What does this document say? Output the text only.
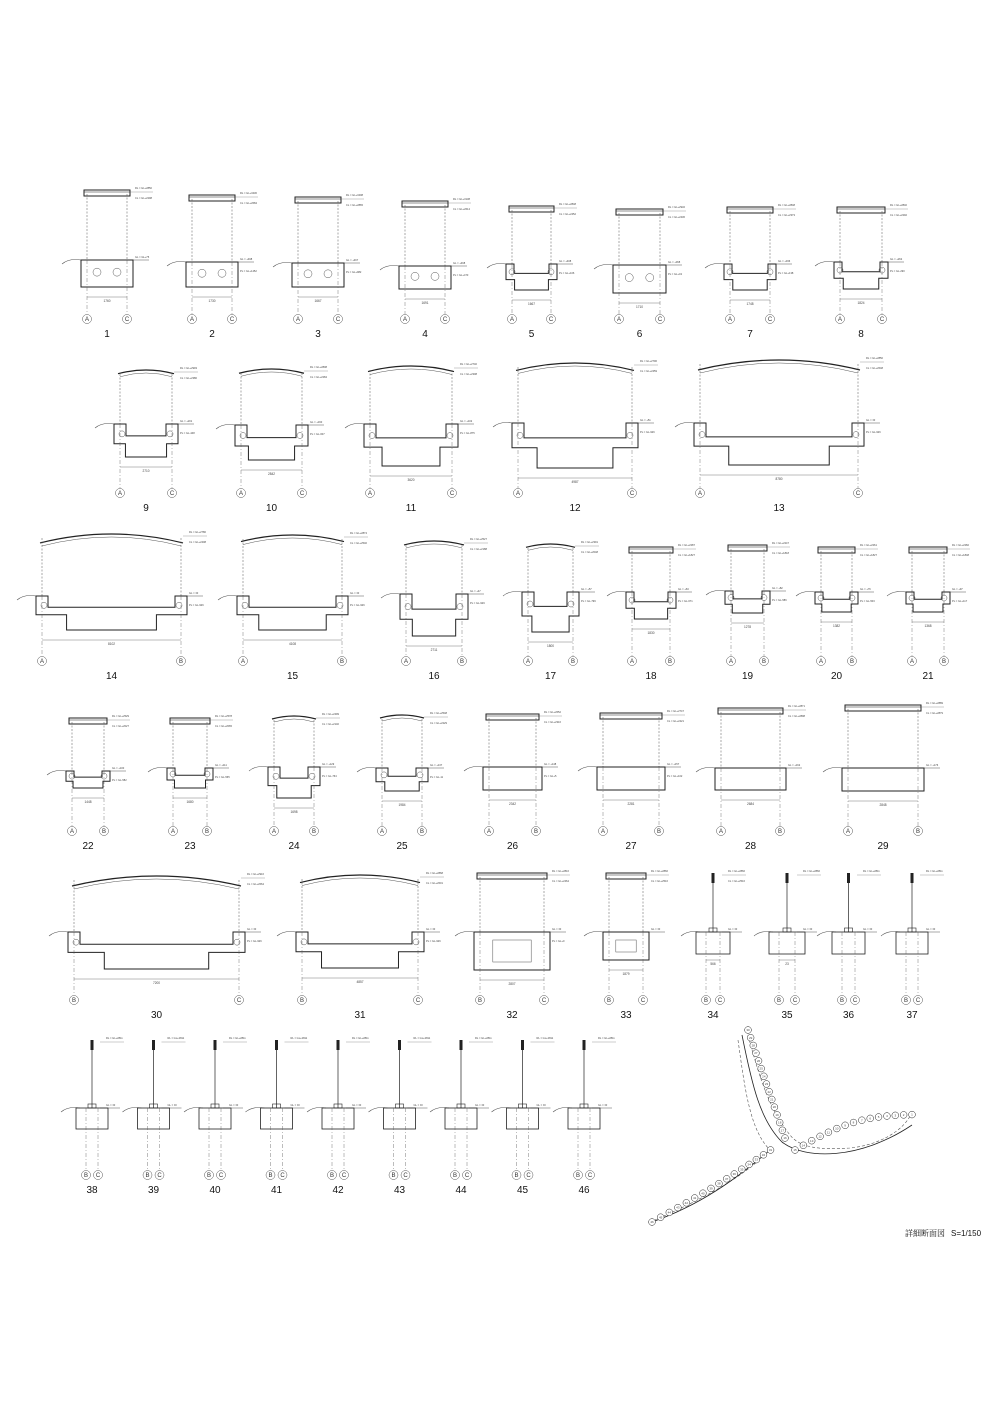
1760
A	C
1
RL = GL+2850
CL = GL+2298
GL = GL+75
1730
A	C
2
RL = GL+3430
CL = GL+2684
GL = +498
PL = GL+1452
1667
A	C
3
RL = GL+3408
CL = GL+2865
GL = +467
PL = GL+982
1691
A	C
4
RL = GL+3138
CL = GL+2614
GL = +468
PL = GL+473
1667
A	C
5
RL = GL+2848
CL = GL+2452
GL = +408
PL = GL+106
1710
A	C
6
RL = GL+2932
CL = GL+2436
GL = +368
PL = GL+43
1748
A	C
7
RL = GL+2848
CL = GL+2373
GL = +336
PL = GL+138
1824
A	C
8
RL = GL+2840
CL = GL+2292
GL = +262
PL = GL-290
2710
A	C
9
RL = GL+2993
CL = GL+2380
GL = +201
PL = GL-448
2842
A	C
10
RL = GL+2808
CL = GL+2284
GL = +160
PL = GL-607
3620
A	C
11
RL = GL+2740
CL = GL+2308
GL = +102
PL = GL-875
4987
A	C
12
RL = GL+2796
CL = GL+2459
GL = +51
PL = GL-926
8780
A	C
13
RL = GL+2850
CL = GL+2648
GL = ±0
PL = GL-926
8102
A	B
14
RL = GL+2780
CL = GL+2408
GL = ±0
PL = GL-926
4108
A	B
15
RL = GL+2874
CL = GL+2540
GL = ±0
PL = GL-926
2711
A	B
16
RL = GL+2527
CL = GL+2188
GL = +47
PL = GL-929
1800
A	B
17
RL = GL+2391
CL = GL+2048
GL = +57
PL = GL-799
1830
A	B
18
RL = GL+2287
CL = GL+1827
GL = +63
PL = GL-671
1278
A	B
19
RL = GL+2247
CL = GL+1818
GL = +82
PL = GL-586
1382
A	B
20
RL = GL+2261
CL = GL+1827
GL = +76
PL = GL-503
1368
A	B
21
RL = GL+2282
CL = GL+1848
GL = +97
PL = GL+117
1448
A	B
22
RL = GL+2529
CL = GL+2027
GL = +100
PL = GL-582
1680
A	B
23
RL = GL+2578
CL = GL+2065
GL = +111
PL = GL-565
1698
A	B
24
RL = GL+2499
CL = GL+2140
GL = +129
PL = GL-764
1984
A	B
25
RL = GL+2548
CL = GL+2229
GL = +137
PL = GL-11
2342
A	B
26
RL = GL+2652
CL = GL+2316
GL = +148
PL = GL+5
2281
A	B
27
RL = GL+2747
CL = GL+2421
GL = +157
PL = GL+102
2684
A	B
28
RL = GL+2871
CL = GL+2898
GL = +162
2848
A	B
29
RL = GL+2889
CL = GL+2879
GL = +176
7200
B	C
30
RL = GL+2916
CL = GL+2664
GL = ±0
PL = GL-926
4857
B	C
31
RL = GL+2868
CL = GL+2601
GL = ±0
PL = GL-926
2807
B	C
32
RL = GL+2816
CL = GL+2464
GL = ±0
PL = GL+0
1879
B	C
33
RL = GL+2866
CL = GL+2516
GL = ±0
566
B C
34
RL = GL+2866
CL = GL+2516
GL = ±0
23
B C
35
RL = GL+2866
GL = ±0
B C
36
RL = GL+2811
GL = ±0
B C
37
RL = GL+2811
GL = ±0
B C
38
RL = GL+2811
GL = ±0
B C
39
RL = GL+2811
GL = ±0
B C
40
RL = GL+2811
GL = ±0
B C
41
RL = GL+2811
GL = ±0
B C
42
RL = GL+2811
GL = ±0
B C
43
RL = GL+2811
GL = ±0
B C
44
RL = GL+2811
GL = ±0
B C
45
RL = GL+2811
GL = ±0
B C
46
RL = GL+2811
GL = ±0
46
45
44
43
42
41
40
39
38
37
36
35
34
33
32
31
30
29
28
27
26
25
24
23
22
21
20
19
18
17
16
15
14
13
12
11
10
9
8
7 6 5 4 3 2 1
詳細断面図 S=1/150
